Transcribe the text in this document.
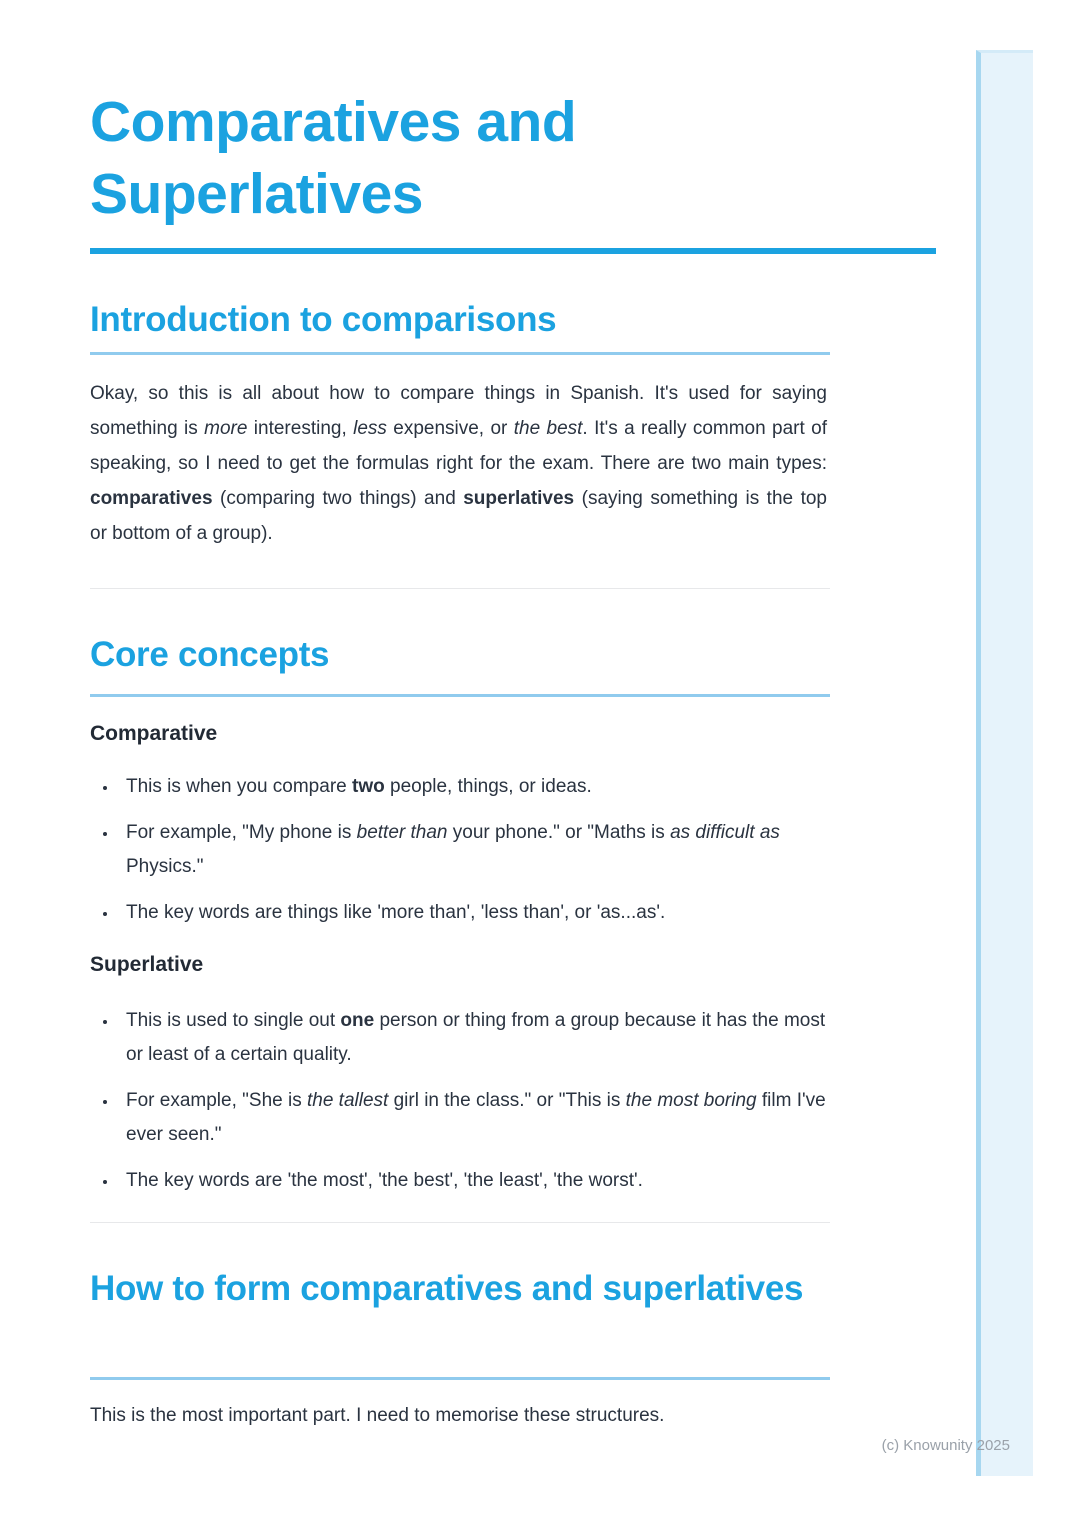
Comparatives and Superlatives
Introduction to comparisons

Okay, so this is all about how to compare things in Spanish. It's used for saying something is more interesting, less expensive, or the best. It's a really common part of speaking, so I need to get the formulas right for the exam. There are two main types: comparatives (comparing two things) and superlatives (saying something is the top or bottom of a group).

Core concepts
Comparative
• This is when you compare two people, things, or ideas.
• For example, "My phone is better than your phone." or "Maths is as difficult as Physics."
• The key words are things like 'more than', 'less than', or 'as...as'.
Superlative
• This is used to single out one person or thing from a group because it has the most or least of a certain quality.
• For example, "She is the tallest girl in the class." or "This is the most boring film I've ever seen."
• The key words are 'the most', 'the best', 'the least', 'the worst'.
How to form comparatives and superlatives

This is the most important part. I need to memorise these structures.

(c) Knowunity 2025
